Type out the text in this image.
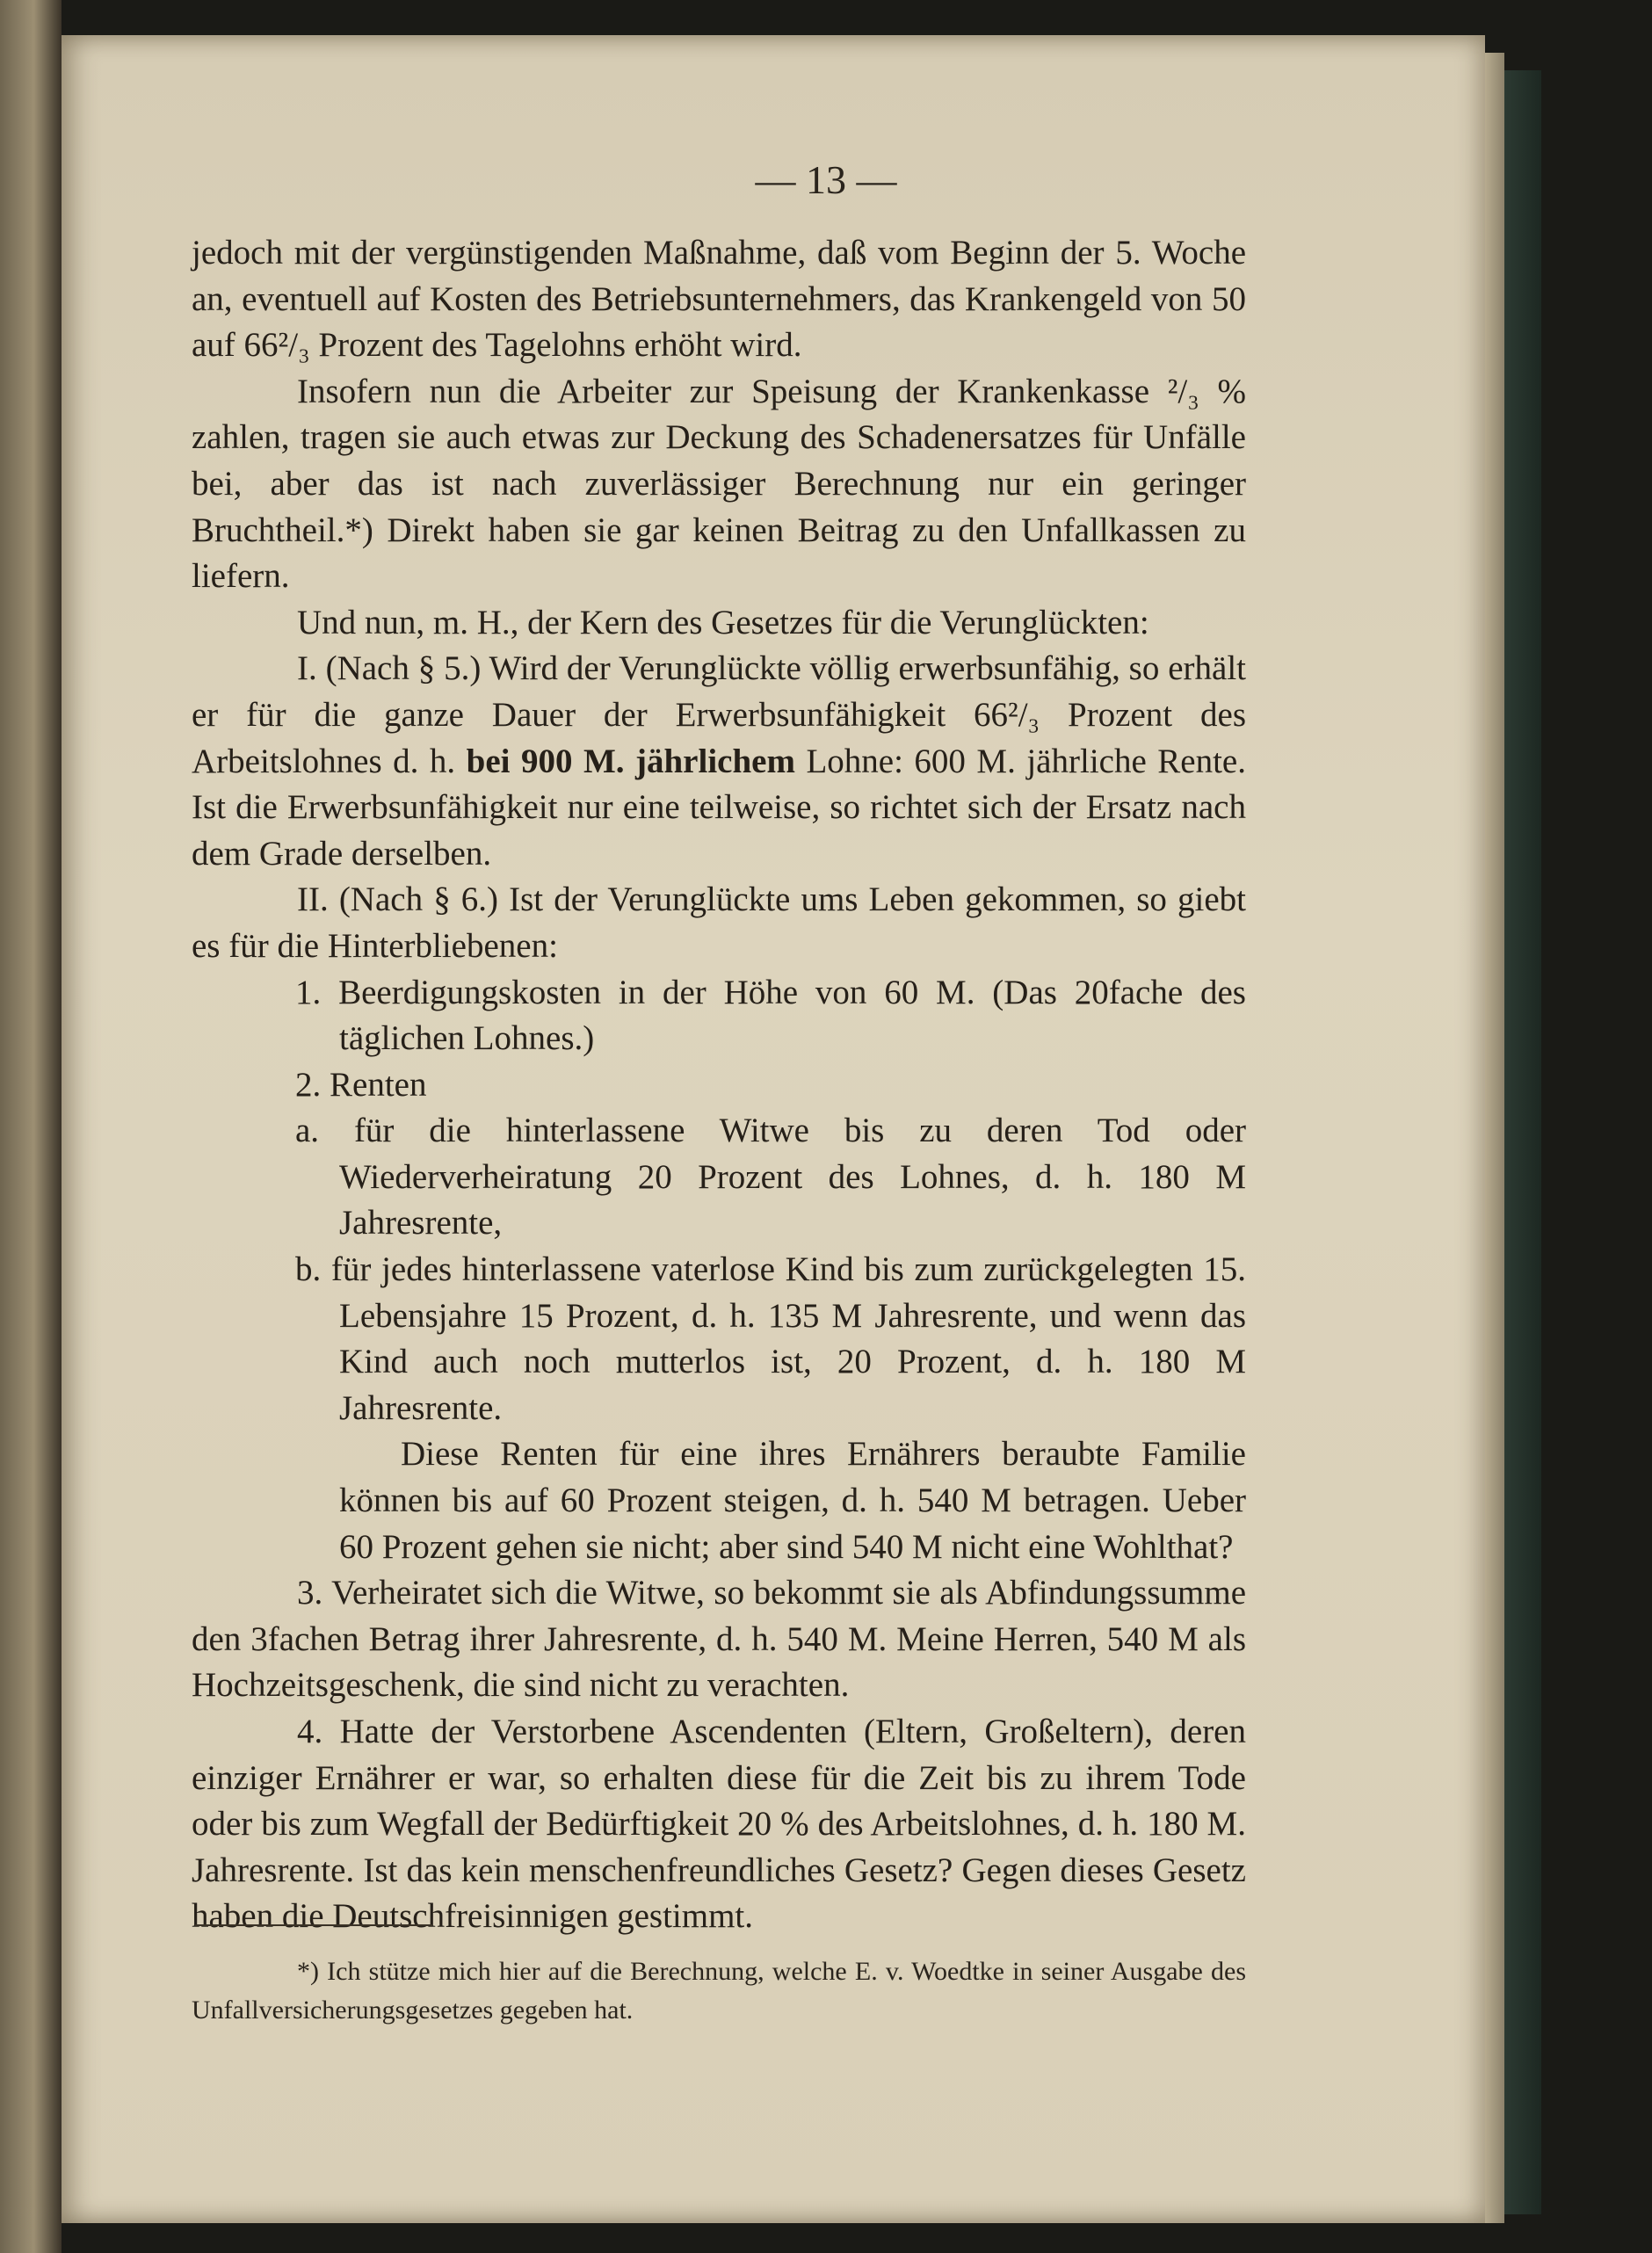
— 13 —

jedoch mit der vergünstigenden Maßnahme, daß vom Beginn der 5. Woche an, eventuell auf Kosten des Betriebsunternehmers, das Krankengeld von 50 auf 66²/₃ Prozent des Tagelohns erhöht wird.

Insofern nun die Arbeiter zur Speisung der Krankenkasse ²/₃ % zahlen, tragen sie auch etwas zur Deckung des Schadenersatzes für Unfälle bei, aber das ist nach zuverlässiger Berechnung nur ein geringer Bruchtheil.*) Direkt haben sie gar keinen Beitrag zu den Unfallkassen zu liefern.

Und nun, m. H., der Kern des Gesetzes für die Verunglückten:

I. (Nach § 5.) Wird der Verunglückte völlig erwerbsunfähig, so erhält er für die ganze Dauer der Erwerbsunfähigkeit 66²/₃ Prozent des Arbeitslohnes d. h. bei 900 M. jährlichem Lohne: 600 M. jährliche Rente. Ist die Erwerbsunfähigkeit nur eine teilweise, so richtet sich der Ersatz nach dem Grade derselben.

II. (Nach § 6.) Ist der Verunglückte ums Leben gekommen, so giebt es für die Hinterbliebenen:

1. Beerdigungskosten in der Höhe von 60 M. (Das 20fache des täglichen Lohnes.)

2. Renten

a. für die hinterlassene Witwe bis zu deren Tod oder Wiederverheiratung 20 Prozent des Lohnes, d. h. 180 M Jahresrente,

b. für jedes hinterlassene vaterlose Kind bis zum zurückgelegten 15. Lebensjahre 15 Prozent, d. h. 135 M Jahresrente, und wenn das Kind auch noch mutterlos ist, 20 Prozent, d. h. 180 M Jahresrente.

Diese Renten für eine ihres Ernährers beraubte Familie können bis auf 60 Prozent steigen, d. h. 540 M betragen. Ueber 60 Prozent gehen sie nicht; aber sind 540 M nicht eine Wohlthat?

3. Verheiratet sich die Witwe, so bekommt sie als Abfindungssumme den 3fachen Betrag ihrer Jahresrente, d. h. 540 M. Meine Herren, 540 M als Hochzeitsgeschenk, die sind nicht zu verachten.

4. Hatte der Verstorbene Ascendenten (Eltern, Großeltern), deren einziger Ernährer er war, so erhalten diese für die Zeit bis zu ihrem Tode oder bis zum Wegfall der Bedürftigkeit 20 % des Arbeitslohnes, d. h. 180 M. Jahresrente. Ist das kein menschenfreundliches Gesetz? Gegen dieses Gesetz haben die Deutschfreisinnigen gestimmt.

*) Ich stütze mich hier auf die Berechnung, welche E. v. Woedtke in seiner Ausgabe des Unfallversicherungsgesetzes gegeben hat.
